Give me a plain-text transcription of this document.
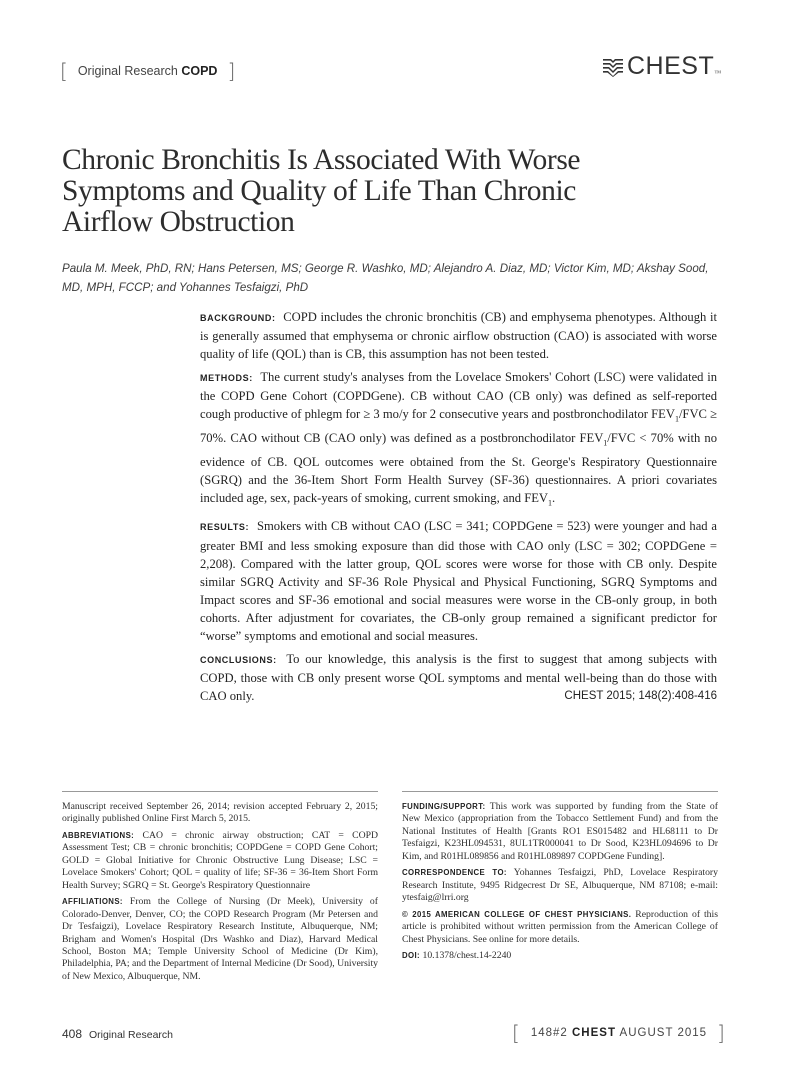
[ Original Research COPD ]	CHEST™
Chronic Bronchitis Is Associated With Worse Symptoms and Quality of Life Than Chronic Airflow Obstruction
Paula M. Meek, PhD, RN; Hans Petersen, MS; George R. Washko, MD; Alejandro A. Diaz, MD; Victor Kim, MD; Akshay Sood, MD, MPH, FCCP; and Yohannes Tesfaigzi, PhD

BACKGROUND: COPD includes the chronic bronchitis (CB) and emphysema phenotypes. Although it is generally assumed that emphysema or chronic airflow obstruction (CAO) is associated with worse quality of life (QOL) than is CB, this assumption has not been tested.

METHODS: The current study's analyses from the Lovelace Smokers' Cohort (LSC) were validated in the COPD Gene Cohort (COPDGene). CB without CAO (CB only) was defined as self-reported cough productive of phlegm for ≥ 3 mo/y for 2 consecutive years and postbronchodilator $FEV_1$/FVC ≥ 70%. CAO without CB (CAO only) was defined as a postbronchodilator $FEV_1$/FVC < 70% with no evidence of CB. QOL outcomes were obtained from the St. George's Respiratory Questionnaire (SGRQ) and the 36-Item Short Form Health Survey (SF-36) questionnaires. A priori covariates included age, sex, pack-years of smoking, current smoking, and $FEV_1$.

RESULTS: Smokers with CB without CAO (LSC = 341; COPDGene = 523) were younger and had a greater BMI and less smoking exposure than did those with CAO only (LSC = 302; COPDGene = 2,208). Compared with the latter group, QOL scores were worse for those with CB only. Despite similar SGRQ Activity and SF-36 Role Physical and Physical Functioning, SGRQ Symptoms and Impact scores and SF-36 emotional and social measures were worse in the CB-only group, in both cohorts. After adjustment for covariates, the CB-only group remained a significant predictor for “worse” symptoms and emotional and social measures.

CONCLUSIONS: To our knowledge, this analysis is the first to suggest that among subjects with COPD, those with CB only present worse QOL symptoms and mental well-being than do those with CAO only.	CHEST 2015; 148(2):408-416

Manuscript received September 26, 2014; revision accepted February 2, 2015; originally published Online First March 5, 2015.

ABBREVIATIONS: CAO = chronic airway obstruction; CAT = COPD Assessment Test; CB = chronic bronchitis; COPDGene = COPD Gene Cohort; GOLD = Global Initiative for Chronic Obstructive Lung Disease; LSC = Lovelace Smokers' Cohort; QOL = quality of life; SF-36 = 36-Item Short Form Health Survey; SGRQ = St. George's Respiratory Questionnaire

AFFILIATIONS: From the College of Nursing (Dr Meek), University of Colorado-Denver, Denver, CO; the COPD Research Program (Mr Petersen and Dr Tesfaigzi), Lovelace Respiratory Research Institute, Albuquerque, NM; Brigham and Women's Hospital (Drs Washko and Diaz), Harvard Medical School, Boston MA; Temple University School of Medicine (Dr Kim), Philadelphia, PA; and the Department of Internal Medicine (Dr Sood), University of New Mexico, Albuquerque, NM.

FUNDING/SUPPORT: This work was supported by funding from the State of New Mexico (appropriation from the Tobacco Settlement Fund) and from the National Institutes of Health [Grants RO1 ES015482 and HL68111 to Dr Tesfaigzi, K23HL094531, 8UL1TR000041 to Dr Sood, K23HL094696 to Dr Kim, and R01HL089856 and R01HL089897 COPDGene Funding].

CORRESPONDENCE TO: Yohannes Tesfaigzi, PhD, Lovelace Respiratory Research Institute, 9495 Ridgecrest Dr SE, Albuquerque, NM 87108; e-mail: ytesfaig@lrri.org

© 2015 AMERICAN COLLEGE OF CHEST PHYSICIANS. Reproduction of this article is prohibited without written permission from the American College of Chest Physicians. See online for more details.

DOI: 10.1378/chest.14-2240

408 Original Research	[ 148#2 CHEST AUGUST 2015 ]
